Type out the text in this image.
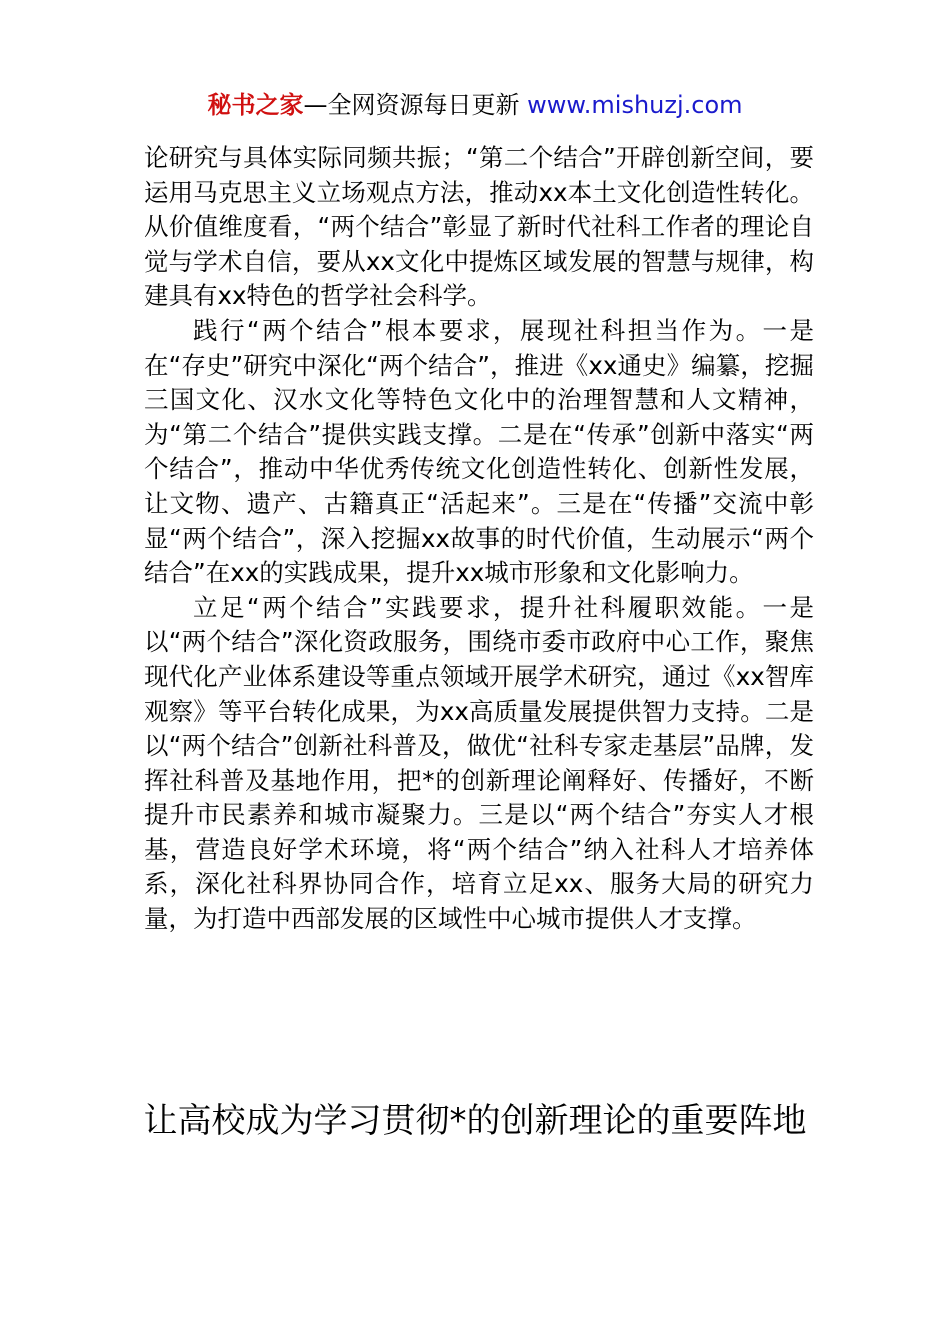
秘书之家—全网资源每日更新 www.mishuzj.com

论研究与具体实际同频共振；“第二个结合”开辟创新空间，要运用马克思主义立场观点方法，推动xx本土文化创造性转化。从价值维度看，“两个结合”彰显了新时代社科工作者的理论自觉与学术自信，要从xx文化中提炼区域发展的智慧与规律，构建具有xx特色的哲学社会科学。

践行“两个结合”根本要求，展现社科担当作为。一是在“存史”研究中深化“两个结合”，推进《xx通史》编纂，挖掘三国文化、汉水文化等特色文化中的治理智慧和人文精神，为“第二个结合”提供实践支撑。二是在“传承”创新中落实“两个结合”，推动中华优秀传统文化创造性转化、创新性发展，让文物、遗产、古籍真正“活起来”。三是在“传播”交流中彰显“两个结合”，深入挖掘xx故事的时代价值，生动展示“两个结合”在xx的实践成果，提升xx城市形象和文化影响力。

立足“两个结合”实践要求，提升社科履职效能。一是以“两个结合”深化资政服务，围绕市委市政府中心工作，聚焦现代化产业体系建设等重点领域开展学术研究，通过《xx智库观察》等平台转化成果，为xx高质量发展提供智力支持。二是以“两个结合”创新社科普及，做优“社科专家走基层”品牌，发挥社科普及基地作用，把*的创新理论阐释好、传播好，不断提升市民素养和城市凝聚力。三是以“两个结合”夯实人才根基，营造良好学术环境，将“两个结合”纳入社科人才培养体系，深化社科界协同合作，培育立足xx、服务大局的研究力量，为打造中西部发展的区域性中心城市提供人才支撑。

让高校成为学习贯彻*的创新理论的重要阵地
